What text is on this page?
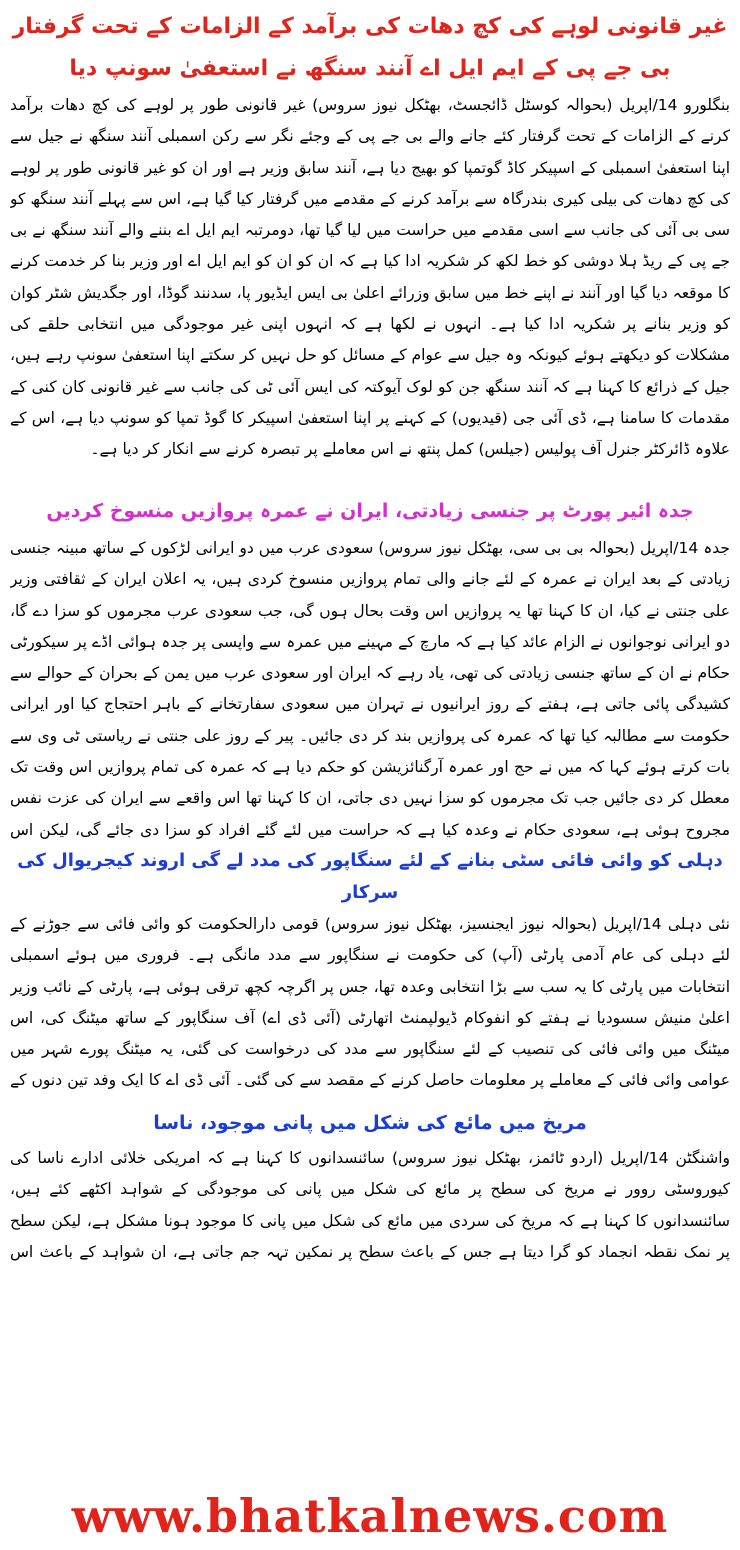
غیر قانونی لوہے کی کچ دھات کی برآمد کے الزامات کے تحت گرفتار بی جے پی کے ایم ایل اے آنند سنگھ نے استعفیٰ سونپ دیا

بنگلورو 14/اپریل (بحوالہ کوسٹل ڈائجسٹ، بھٹکل نیوز سروس) غیر قانونی طور پر لوہے کی کچ دھات برآمد کرنے کے الزامات کے تحت گرفتار کئے جانے والے بی جے پی کے وجئے نگر سے رکن اسمبلی آنند سنگھ نے جیل سے اپنا استعفیٰ اسمبلی کے اسپیکر کاڈ گوتمپا کو بھیج دیا ہے، آنند سابق وزیر ہے اور ان کو غیر قانونی طور پر لوہے کی کچ دھات کی بیلی کیری بندرگاہ سے برآمد کرنے کے مقدمے میں گرفتار کیا گیا ہے، اس سے پہلے آنند سنگھ کو سی بی آئی کی جانب سے اسی مقدمے میں حراست میں لیا گیا تھا، دومرتبہ ایم ایل اے بننے والے آنند سنگھ نے بی جے پی کے ریڈ ہلا دوشی کو خط لکھ کر شکریہ ادا کیا ہے کہ ان کو ان کو ایم ایل اے اور وزیر بنا کر خدمت کرنے کا موقعہ دیا گیا اور آنند نے اپنے خط میں سابق وزرائے اعلیٰ بی ایس ایڈیور پا، سدنند گوڈا، اور جگدیش شٹر کوان کو وزیر بنانے پر شکریہ ادا کیا ہے۔ انہوں نے لکھا ہے کہ انہوں اپنی غیر موجودگی میں انتخابی حلقے کی مشکلات کو دیکھتے ہوئے کیونکہ وہ جیل سے عوام کے مسائل کو حل نہیں کر سکتے اپنا استعفیٰ سونپ رہے ہیں، جیل کے ذرائع کا کہنا ہے کہ آنند سنگھ جن کو لوک آیوکتہ کی ایس آئی ٹی کی جانب سے غیر قانونی کان کنی کے مقدمات کا سامنا ہے، ڈی آئی جی (قیدیوں) کے کہنے پر اپنا استعفیٰ اسپیکر کا گوڈ تمپا کو سونپ دیا ہے، اس کے علاوہ ڈائرکٹر جنرل آف پولیس (جیلس) کمل پنتھ نے اس معاملے پر تبصرہ کرنے سے انکار کر دیا ہے۔

جدہ ائیر پورٹ پر جنسی زیادتی، ایران نے عمرہ پروازیں منسوخ کردیں

جدہ 14/اپریل (بحوالہ بی بی سی، بھٹکل نیوز سروس) سعودی عرب میں دو ایرانی لڑکوں کے ساتھ مبینہ جنسی زیادتی کے بعد ایران نے عمرہ کے لئے جانے والی تمام پروازیں منسوخ کردی ہیں، یہ اعلان ایران کے ثقافتی وزیر علی جنتی نے کیا، ان کا کہنا تھا یہ پروازیں اس وقت بحال ہوں گی، جب سعودی عرب مجرموں کو سزا دے گا، دو ایرانی نوجوانوں نے الزام عائد کیا ہے کہ مارچ کے مہینے میں عمرہ سے واپسی پر جدہ ہوائی اڈے پر سیکورٹی حکام نے ان کے ساتھ جنسی زیادتی کی تھی، یاد رہے کہ ایران اور سعودی عرب میں یمن کے بحران کے حوالے سے کشیدگی پائی جاتی ہے، ہفتے کے روز ایرانیوں نے تہران میں سعودی سفارتخانے کے باہر احتجاج کیا اور ایرانی حکومت سے مطالبہ کیا تھا کہ عمرہ کی پروازیں بند کر دی جائیں۔ پیر کے روز علی جنتی نے ریاستی ٹی وی سے بات کرتے ہوئے کہا کہ میں نے حج اور عمرہ آرگنائزیشن کو حکم دیا ہے کہ عمرہ کی تمام پروازیں اس وقت تک معطل کر دی جائیں جب تک مجرموں کو سزا نہیں دی جاتی، ان کا کہنا تھا اس واقعے سے ایران کی عزت نفس مجروح ہوئی ہے، سعودی حکام نے وعدہ کیا ہے کہ حراست میں لئے گئے افراد کو سزا دی جائے گی، لیکن اس

دہلی کو وائی فائی سٹی بنانے کے لئے سنگاپور کی مدد لے گی اروند کیجریوال کی سرکار

نئی دہلی 14/اپریل (بحوالہ نیوز ایجنسیز، بھٹکل نیوز سروس) قومی دارالحکومت کو وائی فائی سے جوڑنے کے لئے دہلی کی عام آدمی پارٹی (آپ) کی حکومت نے سنگاپور سے مدد مانگی ہے۔ فروری میں ہوئے اسمبلی انتخابات میں پارٹی کا یہ سب سے بڑا انتخابی وعدہ تھا، جس پر اگرچہ کچھ ترقی ہوئی ہے، پارٹی کے نائب وزیر اعلیٰ منیش سسودیا نے ہفتے کو انفوکام ڈیولپمنٹ اتھارٹی (آئی ڈی اے) آف سنگاپور کے ساتھ میٹنگ کی، اس میٹنگ میں وائی فائی کی تنصیب کے لئے سنگاپور سے مدد کی درخواست کی گئی، یہ میٹنگ پورے شہر میں عوامی وائی فائی کے معاملے پر معلومات حاصل کرنے کے مقصد سے کی گئی۔ آئی ڈی اے کا ایک وفد تین دنوں کے

مریخ میں مائع کی شکل میں پانی موجود، ناسا

واشنگٹن 14/اپریل (اردو ٹائمز، بھٹکل نیوز سروس) سائنسدانوں کا کہنا ہے کہ امریکی خلائی ادارے ناسا کی کیوروسٹی روور نے مریخ کی سطح پر مائع کی شکل میں پانی کی موجودگی کے شواہد اکٹھے کئے ہیں، سائنسدانوں کا کہنا ہے کہ مریخ کی سردی میں مائع کی شکل میں پانی کا موجود ہونا مشکل ہے، لیکن سطح پر نمک نقطہ انجماد کو گرا دیتا ہے جس کے باعث سطح پر نمکین تہہ جم جاتی ہے، ان شواہد کے باعث اس

www.bhatkalnews.com
